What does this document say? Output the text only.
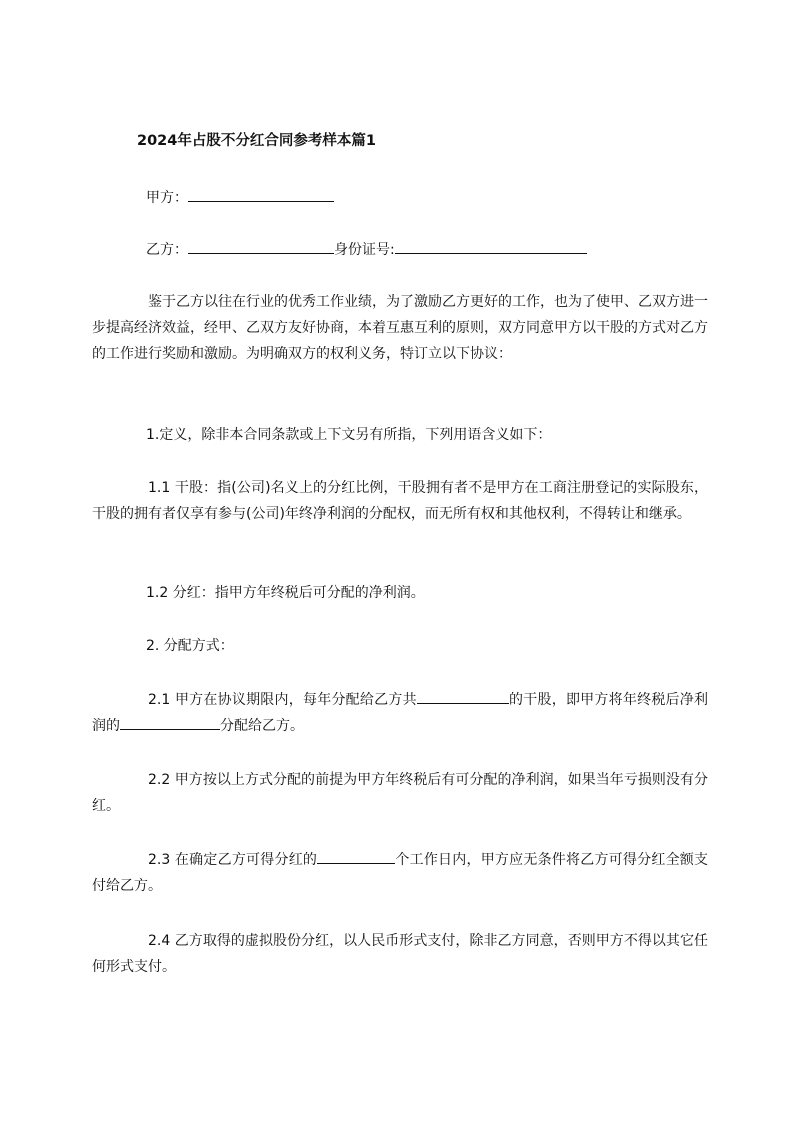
2024年占股不分红合同参考样本篇1
甲方：
乙方：	身份证号:
鉴于乙方以往在行业的优秀工作业绩，为了激励乙方更好的工作，也为了使甲、乙双方进一步提高经济效益，经甲、乙双方友好协商，本着互惠互利的原则，双方同意甲方以干股的方式对乙方的工作进行奖励和激励。为明确双方的权利义务，特订立以下协议：
1.定义，除非本合同条款或上下文另有所指，下列用语含义如下：
1.1 干股：指(公司)名义上的分红比例，干股拥有者不是甲方在工商注册登记的实际股东，干股的拥有者仅享有参与(公司)年终净利润的分配权，而无所有权和其他权利，不得转让和继承。
1.2 分红：指甲方年终税后可分配的净利润。
2. 分配方式：
2.1 甲方在协议期限内，每年分配给乙方共	的干股，即甲方将年终税后净利润的	分配给乙方。
2.2 甲方按以上方式分配的前提为甲方年终税后有可分配的净利润，如果当年亏损则没有分红。
2.3 在确定乙方可得分红的	个工作日内，甲方应无条件将乙方可得分红全额支付给乙方。
2.4 乙方取得的虚拟股份分红，以人民币形式支付，除非乙方同意，否则甲方不得以其它任何形式支付。
